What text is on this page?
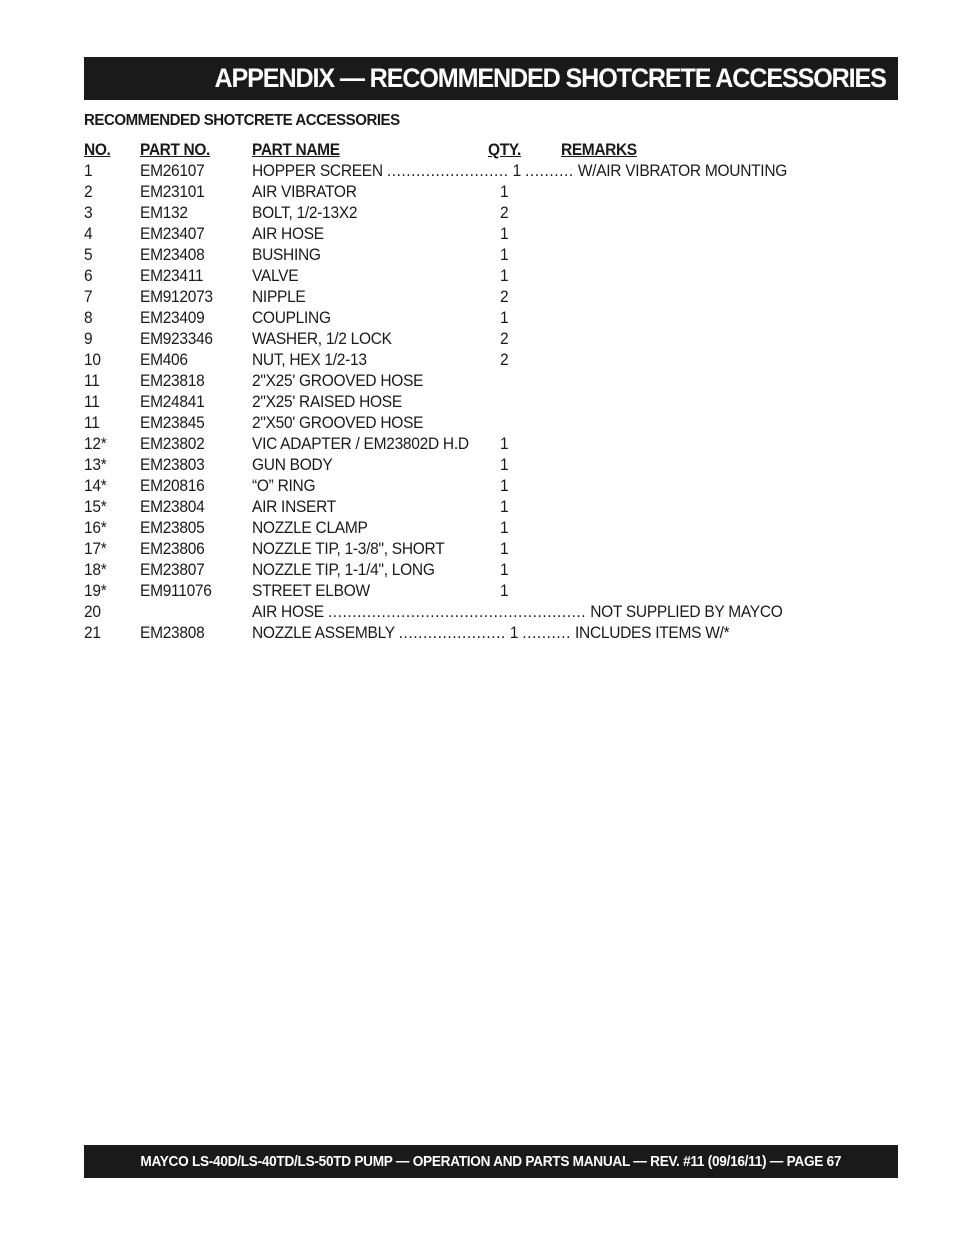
APPENDIX — RECOMMENDED SHOTCRETE ACCESSORIES
RECOMMENDED SHOTCRETE ACCESSORIES
NO. PART NO.	PART NAME	QTY. REMARKS
1	EM26107	HOPPER SCREEN ......................... 1 .......... W/AIR VIBRATOR MOUNTING
2	EM23101	AIR VIBRATOR	1
3	EM132	BOLT, 1/2-13X2	2
4	EM23407	AIR HOSE	1
5	EM23408	BUSHING	1
6	EM23411	VALVE	1
7	EM912073 NIPPLE	2
8	EM23409	COUPLING	1
9	EM923346 WASHER, 1/2 LOCK	2
10 EM406	NUT, HEX 1/2-13	2
11 EM23818	2"X25' GROOVED HOSE
11 EM24841	2"X25' RAISED HOSE
11 EM23845	2"X50' GROOVED HOSE
12* EM23802	VIC ADAPTER / EM23802D H.D 1
13* EM23803	GUN BODY	1
14* EM20816	“O” RING	1
15* EM23804	AIR INSERT	1
16* EM23805	NOZZLE CLAMP	1
17* EM23806	NOZZLE TIP, 1-3/8", SHORT	1
18* EM23807	NOZZLE TIP, 1-1/4", LONG	1
19* EM911076 STREET ELBOW	1
20	AIR HOSE ..................................................... NOT SUPPLIED BY MAYCO
21 EM23808	NOZZLE ASSEMBLY ...................... 1 .......... INCLUDES ITEMS W/*
MAYCO LS-40D/LS-40TD/LS-50TD PUMP — OPERATION AND PARTS MANUAL — REV. #11 (09/16/11) — PAGE 67
